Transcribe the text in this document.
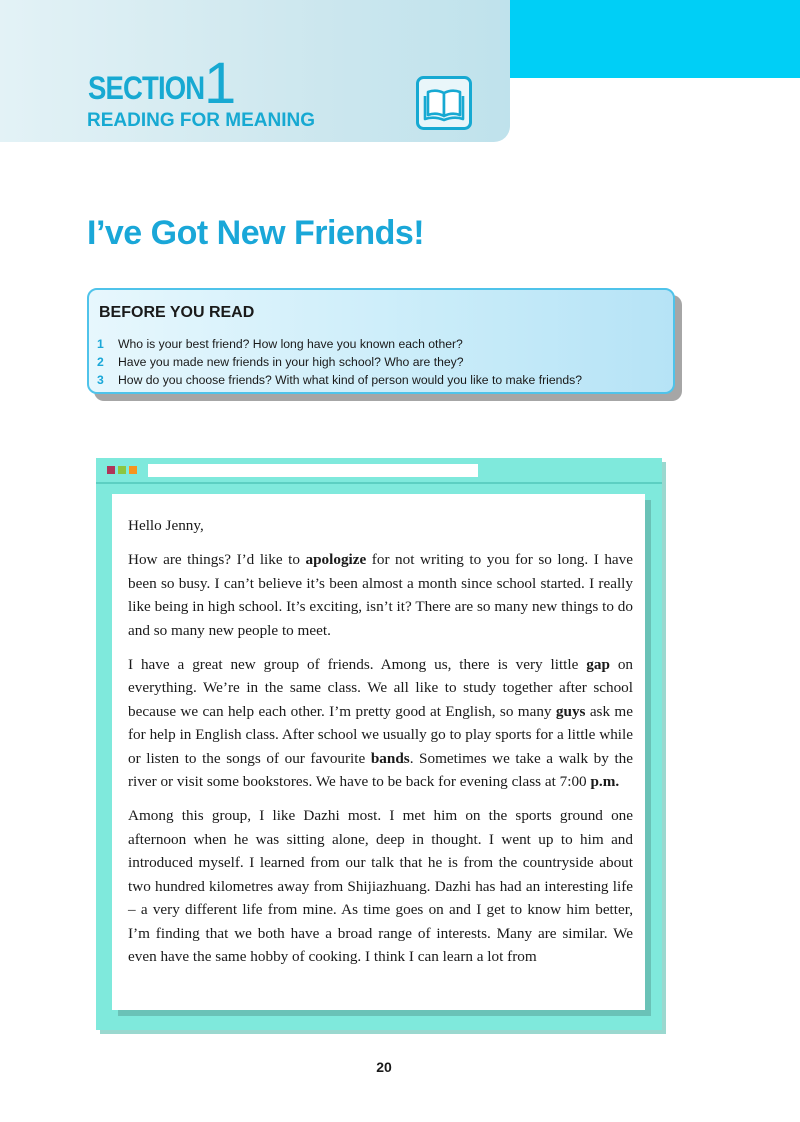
SECTION 1
READING FOR MEANING
I’ve Got New Friends!
BEFORE YOU READ
1 Who is your best friend? How long have you known each other?
2 Have you made new friends in your high school? Who are they?
3 How do you choose friends? With what kind of person would you like to make friends?

Hello Jenny,

How are things? I’d like to apologize for not writing to you for so long. I have been so busy. I can’t believe it’s been almost a month since school started. I really like being in high school. It’s exciting, isn’t it? There are so many new things to do and so many new people to meet.

I have a great new group of friends. Among us, there is very little gap on everything. We’re in the same class. We all like to study together after school because we can help each other. I’m pretty good at English, so many guys ask me for help in English class. After school we usually go to play sports for a little while or listen to the songs of our favourite bands. Sometimes we take a walk by the river or visit some bookstores. We have to be back for evening class at 7:00 p.m.

Among this group, I like Dazhi most. I met him on the sports ground one afternoon when he was sitting alone, deep in thought. I went up to him and introduced myself. I learned from our talk that he is from the countryside about two hundred kilometres away from Shijiazhuang. Dazhi has had an interesting life – a very different life from mine. As time goes on and I get to know him better, I’m finding that we both have a broad range of interests. Many are similar. We even have the same hobby of cooking. I think I can learn a lot from

20
